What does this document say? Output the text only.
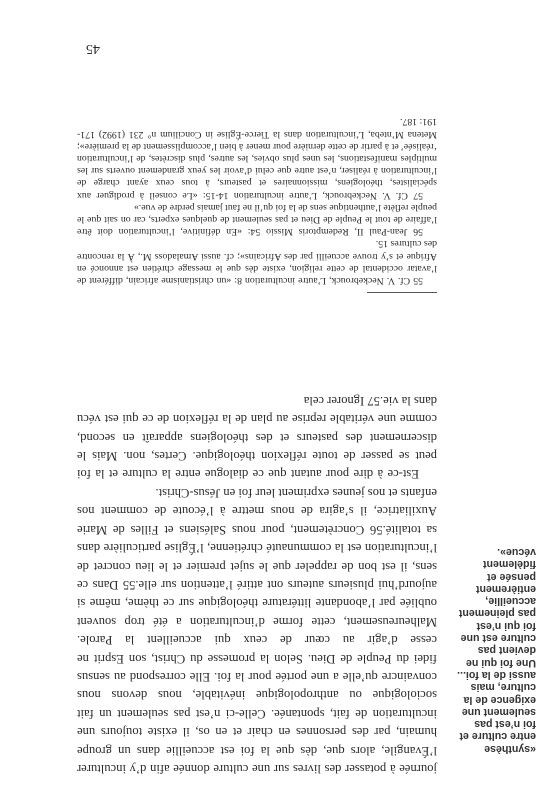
«synthèse entre culture et foi n’est pas seulement une exigence de la culture, mais aussi de la foi... Une foi qui ne devient pas culture est une foi qui n’est pas pleinement accueillie, entièrement pensée et fidèlement vécue».

journée à potasser des livres sur une culture donnée afin d’y inculturer l’Évangile, alors que, dès que la foi est accueillie dans un groupe humain, par des personnes en chair et en os, il existe toujours une inculturation de fait, spontanée. Celle-ci n’est pas seulement un fait sociologique ou anthropologique inévitable, nous devons nous convaincre qu’elle a une portée pour la foi. Elle correspond au sensus fidei du Peuple de Dieu. Selon la promesse du Christ, son Esprit ne cesse d’agir au cœur de ceux qui accueillent la Parole. Malheureusement, cette forme d’inculturation a été trop souvent oubliée par l’abondante littérature théologique sur ce thème, même si aujourd’hui plusieurs auteurs ont attiré l’attention sur elle.55 Dans ce sens, il est bon de rappeler que le sujet premier et le lieu concret de l’inculturation est la communauté chrétienne, l’Église particulière dans sa totalité.56 Concrètement, pour nous Salésiens et Filles de Marie Auxiliatrice, il s’agira de nous mettre à l’écoute de comment nos enfants et nos jeunes expriment leur foi en Jésus-Christ.

Est-ce à dire pour autant que ce dialogue entre la culture et la foi peut se passer de toute réflexion théologique. Certes, non. Mais le discernement des pasteurs et des théologiens apparaît en second, comme une véritable reprise au plan de la réflexion de ce qui est vécu dans la vie.57 Ignorer cela

55 Cf. V. Neckebrouck, L’autre inculturation 8: «un christianisme africain, différent de l’avatar occidental de cette religion, existe dès que le message chrétien est annoncé en Afrique et s’y trouve accueilli par des Africains»; cf. aussi Amaladoss M., À la rencontre des cultures 15.

56 Jean-Paul II, Redemptoris Missio 54: «En définitive, l’inculturation doit être l’affaire de tout le Peuple de Dieu et pas seulement de quelques experts, car on sait que le peuple reflète l’authentique sens de la foi qu’il ne faut jamais perdre de vue.»

57 Cf. V. Neckebrouck, L’autre inculturation 14-15: «Le conseil à prodiguer aux spécialistes, théologiens, missionnaires et pasteurs, à tous ceux ayant charge de l’inculturation à réaliser, n’est autre que celui d’avoir les yeux grandement ouverts sur les multiples manifestations, les unes plus obvies, les autres, plus discrètes, de l’inculturation ‘réalisée’ et à partir de cette dernière pour mener à bien l’accomplissement de la première»; Metena M’nteba, L’inculturation dans la Tierce-Église in Concilium n° 231 (1992) 171-191: 187.

45
